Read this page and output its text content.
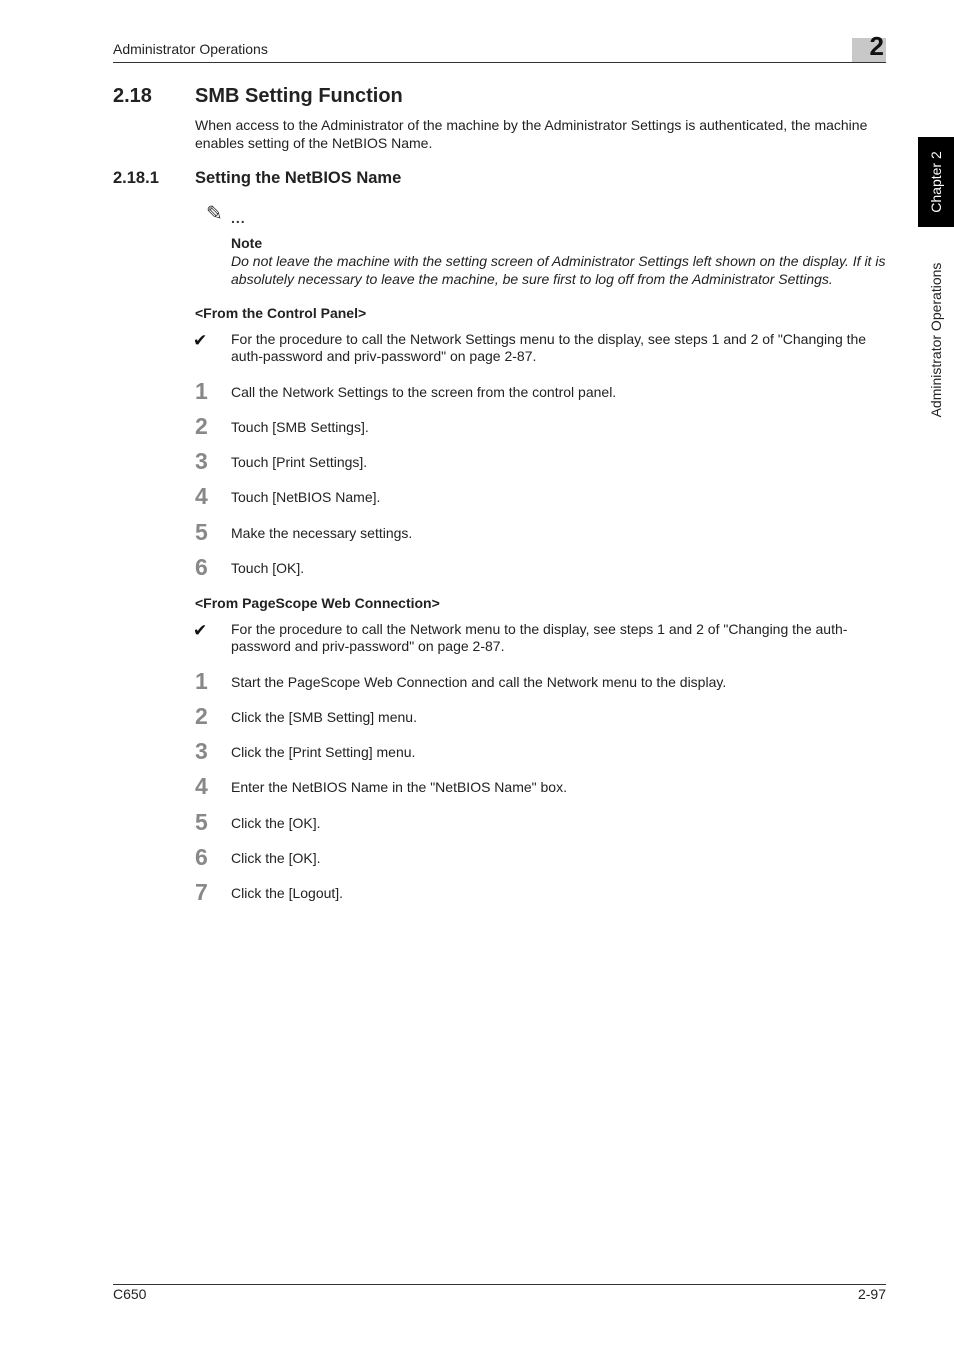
Administrator Operations	2
Chapter 2
Administrator Operations
2.18 SMB Setting Function
When access to the Administrator of the machine by the Administrator Settings is authenticated, the machine enables setting of the NetBIOS Name.
2.18.1 Setting the NetBIOS Name
✎ ...
Note
Do not leave the machine with the setting screen of Administrator Settings left shown on the display. If it is absolutely necessary to leave the machine, be sure first to log off from the Administrator Settings.
<From the Control Panel>
✔ For the procedure to call the Network Settings menu to the display, see steps 1 and 2 of "Changing the auth-password and priv-password" on page 2-87.
1	Call the Network Settings to the screen from the control panel.
2	Touch [SMB Settings].
3	Touch [Print Settings].
4	Touch [NetBIOS Name].
5	Make the necessary settings.
6	Touch [OK].
<From PageScope Web Connection>
✔ For the procedure to call the Network menu to the display, see steps 1 and 2 of "Changing the auth-password and priv-password" on page 2-87.
1	Start the PageScope Web Connection and call the Network menu to the display.
2	Click the [SMB Setting] menu.
3	Click the [Print Setting] menu.
4	Enter the NetBIOS Name in the "NetBIOS Name" box.
5	Click the [OK].
6	Click the [OK].
7	Click the [Logout].
C650	2-97
